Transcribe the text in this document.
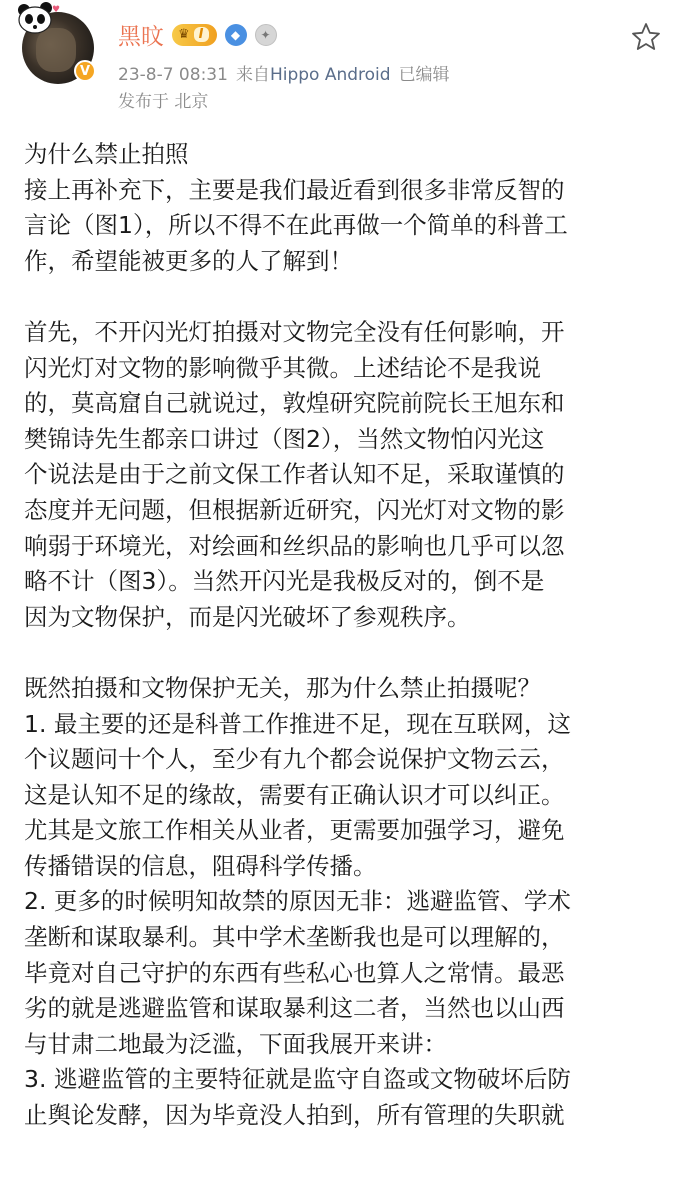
♥
V
黑旼 ♛ I	◆	✦
23-8-7 08:31 来自Hippo Android 已编辑
发布于 北京

为什么禁止拍照

接上再补充下，主要是我们最近看到很多非常反智的

言论（图1），所以不得不在此再做一个简单的科普工

作，希望能被更多的人了解到！

首先，不开闪光灯拍摄对文物完全没有任何影响，开

闪光灯对文物的影响微乎其微。上述结论不是我说

的，莫高窟自己就说过，敦煌研究院前院长王旭东和

樊锦诗先生都亲口讲过（图2），当然文物怕闪光这

个说法是由于之前文保工作者认知不足，采取谨慎的

态度并无问题，但根据新近研究，闪光灯对文物的影

响弱于环境光，对绘画和丝织品的影响也几乎可以忽

略不计（图3）。当然开闪光是我极反对的，倒不是

因为文物保护，而是闪光破坏了参观秩序。

既然拍摄和文物保护无关，那为什么禁止拍摄呢？

1. 最主要的还是科普工作推进不足，现在互联网，这

个议题问十个人，至少有九个都会说保护文物云云，

这是认知不足的缘故，需要有正确认识才可以纠正。

尤其是文旅工作相关从业者，更需要加强学习，避免

传播错误的信息，阻碍科学传播。

2. 更多的时候明知故禁的原因无非：逃避监管、学术

垄断和谋取暴利。其中学术垄断我也是可以理解的，

毕竟对自己守护的东西有些私心也算人之常情。最恶

劣的就是逃避监管和谋取暴利这二者，当然也以山西

与甘肃二地最为泛滥，下面我展开来讲：

3. 逃避监管的主要特征就是监守自盗或文物破坏后防

止舆论发酵，因为毕竟没人拍到，所有管理的失职就
